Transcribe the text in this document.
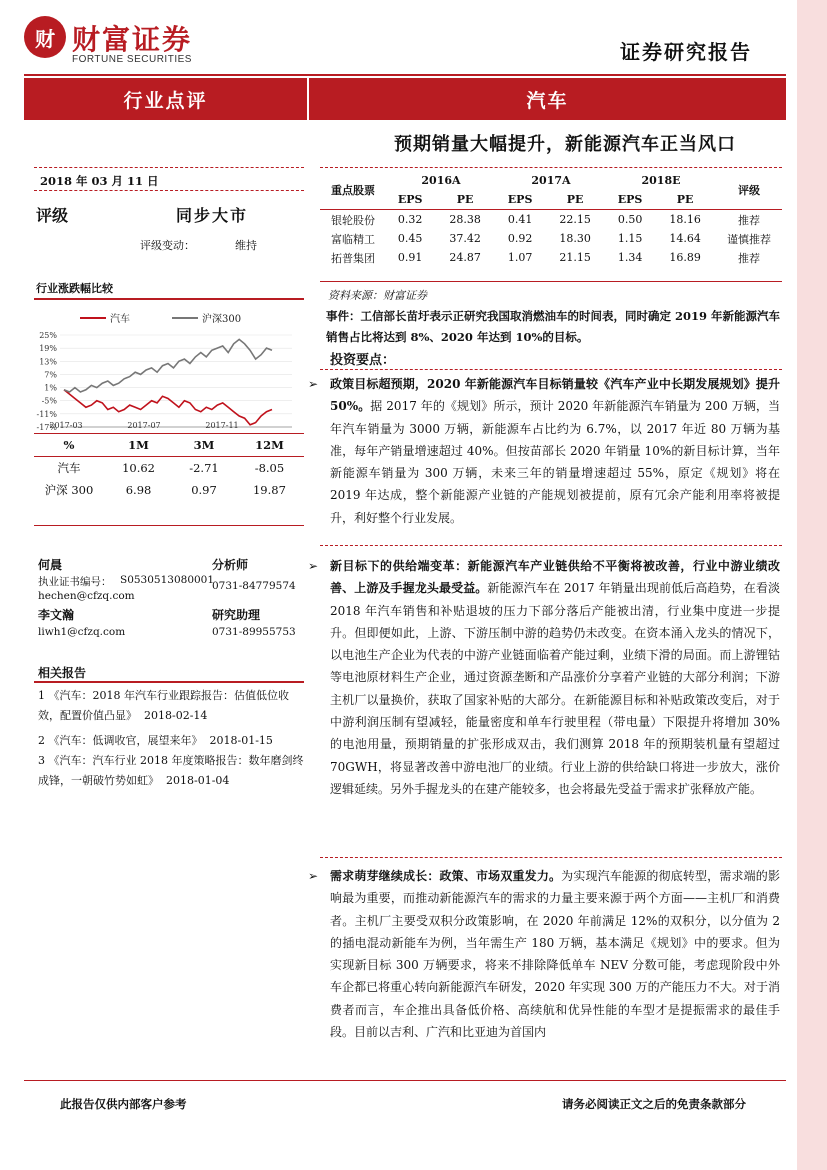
财 财富证券
FORTUNE SECURITIES	证券研究报告
行业点评	汽车
预期销量大幅提升，新能源汽车正当风口
2018 年 03 月 11 日
评级	同步大市
评级变动：	维持
行业涨跌幅比较
汽车	沪深300
25%
19%
13%
7%
1%
-5%
-11%
-17%
2017-03	2017-07	2017-11
%	1M	3M	12M
汽车	10.62	-2.71	-8.05
沪深 300	6.98	0.97	19.87
何晨	分析师
执业证书编号： S0530513080001
0731-84779574
hechen@cfzq.com
李文瀚	研究助理
liwh1@cfzq.com	0731-89955753
相关报告
1 《汽车：2018 年汽车行业跟踪报告：估值低位收效，配置价值凸显》 2018-02-14
2 《汽车：低调收官，展望来年》 2018-01-15
3 《汽车：汽车行业 2018 年度策略报告：数年磨剑终成锋，一朝破竹势如虹》 2018-01-04
重点股票	2016A		2017A		2018E		评级
	EPS	PE	EPS	PE	EPS	PE	
银轮股份	0.32	28.38	0.41	22.15	0.50	18.16	推荐
富临精工	0.45	37.42	0.92	18.30	1.15	14.64	谨慎推荐
拓普集团	0.91	24.87	1.07	21.15	1.34	16.89	推荐
资料来源：财富证券
事件：工信部长苗圩表示正研究我国取消燃油车的时间表，同时确定 2019 年新能源汽车销售占比将达到 8%、2020 年达到 10%的目标。
投资要点：
➢ 政策目标超预期，2020 年新能源汽车目标销量较《汽车产业中长期发展规划》提升 50%。据 2017 年的《规划》所示，预计 2020 年新能源汽车销量为 200 万辆，当年汽车销量为 3000 万辆，新能源车占比约为 6.7%，以 2017 年近 80 万辆为基准，每年产销量增速超过 40%。但按苗部长 2020 年销量 10%的新目标计算，当年新能源车销量为 300 万辆，未来三年的销量增速超过 55%，原定《规划》将在 2019 年达成，整个新能源产业链的产能规划被提前，原有冗余产能利用率将被提升，利好整个行业发展。
➢ 新目标下的供给端变革：新能源汽车产业链供给不平衡将被改善，行业中游业绩改善、上游及手握龙头最受益。新能源汽车在 2017 年销量出现前低后高趋势，在看淡 2018 年汽车销售和补贴退坡的压力下部分落后产能被出清，行业集中度进一步提升。但即便如此，上游、下游压制中游的趋势仍未改变。在资本涌入龙头的情况下，以电池生产企业为代表的中游产业链面临着产能过剩，业绩下滑的局面。而上游锂钴等电池原材料生产企业，通过资源垄断和产品涨价分享着产业链的大部分利润；下游主机厂以量换价，获取了国家补贴的大部分。在新能源目标和补贴政策改变后，对于中游利润压制有望减轻，能量密度和单车行驶里程（带电量）下限提升将增加 30%的电池用量，预期销量的扩张形成双击，我们测算 2018 年的预期装机量有望超过 70GWH，将显著改善中游电池厂的业绩。行业上游的供给缺口将进一步放大，涨价逻辑延续。另外手握龙头的在建产能较多，也会将最先受益于需求扩张释放产能。
➢ 需求萌芽继续成长：政策、市场双重发力。为实现汽车能源的彻底转型，需求端的影响最为重要，而推动新能源汽车的需求的力量主要来源于两个方面——主机厂和消费者。主机厂主要受双积分政策影响，在 2020 年前满足 12%的双积分，以分值为 2 的插电混动新能车为例，当年需生产 180 万辆，基本满足《规划》中的要求。但为实现新目标 300 万辆要求，将来不排除降低单车 NEV 分数可能，考虑现阶段中外车企都已将重心转向新能源汽车研发，2020 年实现 300 万的产能压力不大。对于消费者而言，车企推出具备低价格、高续航和优异性能的车型才是提振需求的最佳手段。目前以吉利、广汽和比亚迪为首国内
此报告仅供内部客户参考	请务必阅读正文之后的免责条款部分
